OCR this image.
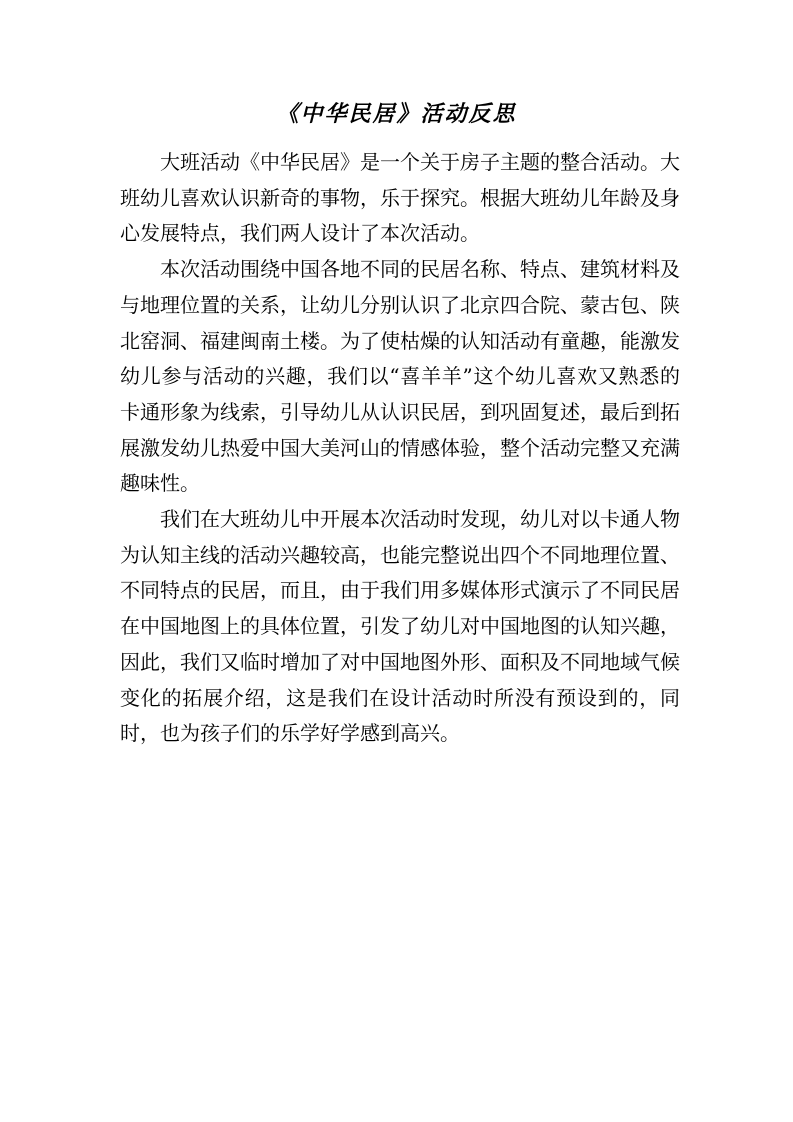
《中华民居》活动反思

大班活动《中华民居》是一个关于房子主题的整合活动。大班幼儿喜欢认识新奇的事物，乐于探究。根据大班幼儿年龄及身心发展特点，我们两人设计了本次活动。

本次活动围绕中国各地不同的民居名称、特点、建筑材料及与地理位置的关系，让幼儿分别认识了北京四合院、蒙古包、陕北窑洞、福建闽南土楼。为了使枯燥的认知活动有童趣，能激发幼儿参与活动的兴趣，我们以“喜羊羊”这个幼儿喜欢又熟悉的卡通形象为线索，引导幼儿从认识民居，到巩固复述，最后到拓展激发幼儿热爱中国大美河山的情感体验，整个活动完整又充满趣味性。

我们在大班幼儿中开展本次活动时发现，幼儿对以卡通人物为认知主线的活动兴趣较高，也能完整说出四个不同地理位置、不同特点的民居，而且，由于我们用多媒体形式演示了不同民居在中国地图上的具体位置，引发了幼儿对中国地图的认知兴趣，因此，我们又临时增加了对中国地图外形、面积及不同地域气候变化的拓展介绍，这是我们在设计活动时所没有预设到的，同时，也为孩子们的乐学好学感到高兴。
